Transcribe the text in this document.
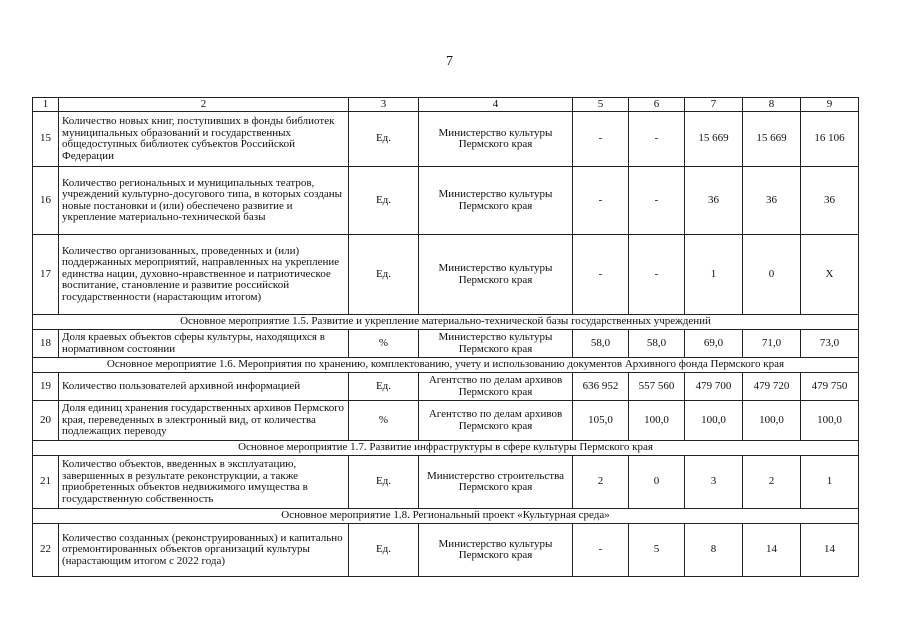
7
1	2	3	4	5	6	7	8	9
15	Количество новых книг, поступивших в фонды библиотек муниципальных образований и государственных общедоступных библиотек субъектов Российской Федерации	Ед.	Министерство культуры Пермского края	-	-	15 669	15 669	16 106
16	Количество региональных и муниципальных театров, учреждений культурно-досугового типа, в которых созданы новые постановки и (или) обеспечено развитие и укрепление материально-технической базы	Ед.	Министерство культуры Пермского края	-	-	36	36	36
17	Количество организованных, проведенных и (или) поддержанных мероприятий, направленных на укрепление единства нации, духовно-нравственное и патриотическое воспитание, становление и развитие российской государственности (нарастающим итогом)	Ед.	Министерство культуры Пермского края	-	-	1	0	Х
Основное мероприятие 1.5. Развитие и укрепление материально-технической базы государственных учреждений								
18	Доля краевых объектов сферы культуры, находящихся в нормативном состоянии	%	Министерство культуры Пермского края	58,0	58,0	69,0	71,0	73,0
Основное мероприятие 1.6. Мероприятия по хранению, комплектованию, учету и использованию документов Архивного фонда Пермского края								
19	Количество пользователей архивной информацией	Ед.	Агентство по делам архивов Пермского края	636 952	557 560	479 700	479 720	479 750
20	Доля единиц хранения государственных архивов Пермского края, переведенных в электронный вид, от количества подлежащих переводу	%	Агентство по делам архивов Пермского края	105,0	100,0	100,0	100,0	100,0
Основное мероприятие 1.7. Развитие инфраструктуры в сфере культуры Пермского края								
21	Количество объектов, введенных в эксплуатацию, завершенных в результате реконструкции, а также приобретенных объектов недвижимого имущества в государственную собственность	Ед.	Министерство строительства Пермского края	2	0	3	2	1
Основное мероприятие 1.8. Региональный проект «Культурная среда»								
22	Количество созданных (реконструированных) и капитально отремонтированных объектов организаций культуры (нарастающим итогом с 2022 года)	Ед.	Министерство культуры Пермского края	-	5	8	14	14
